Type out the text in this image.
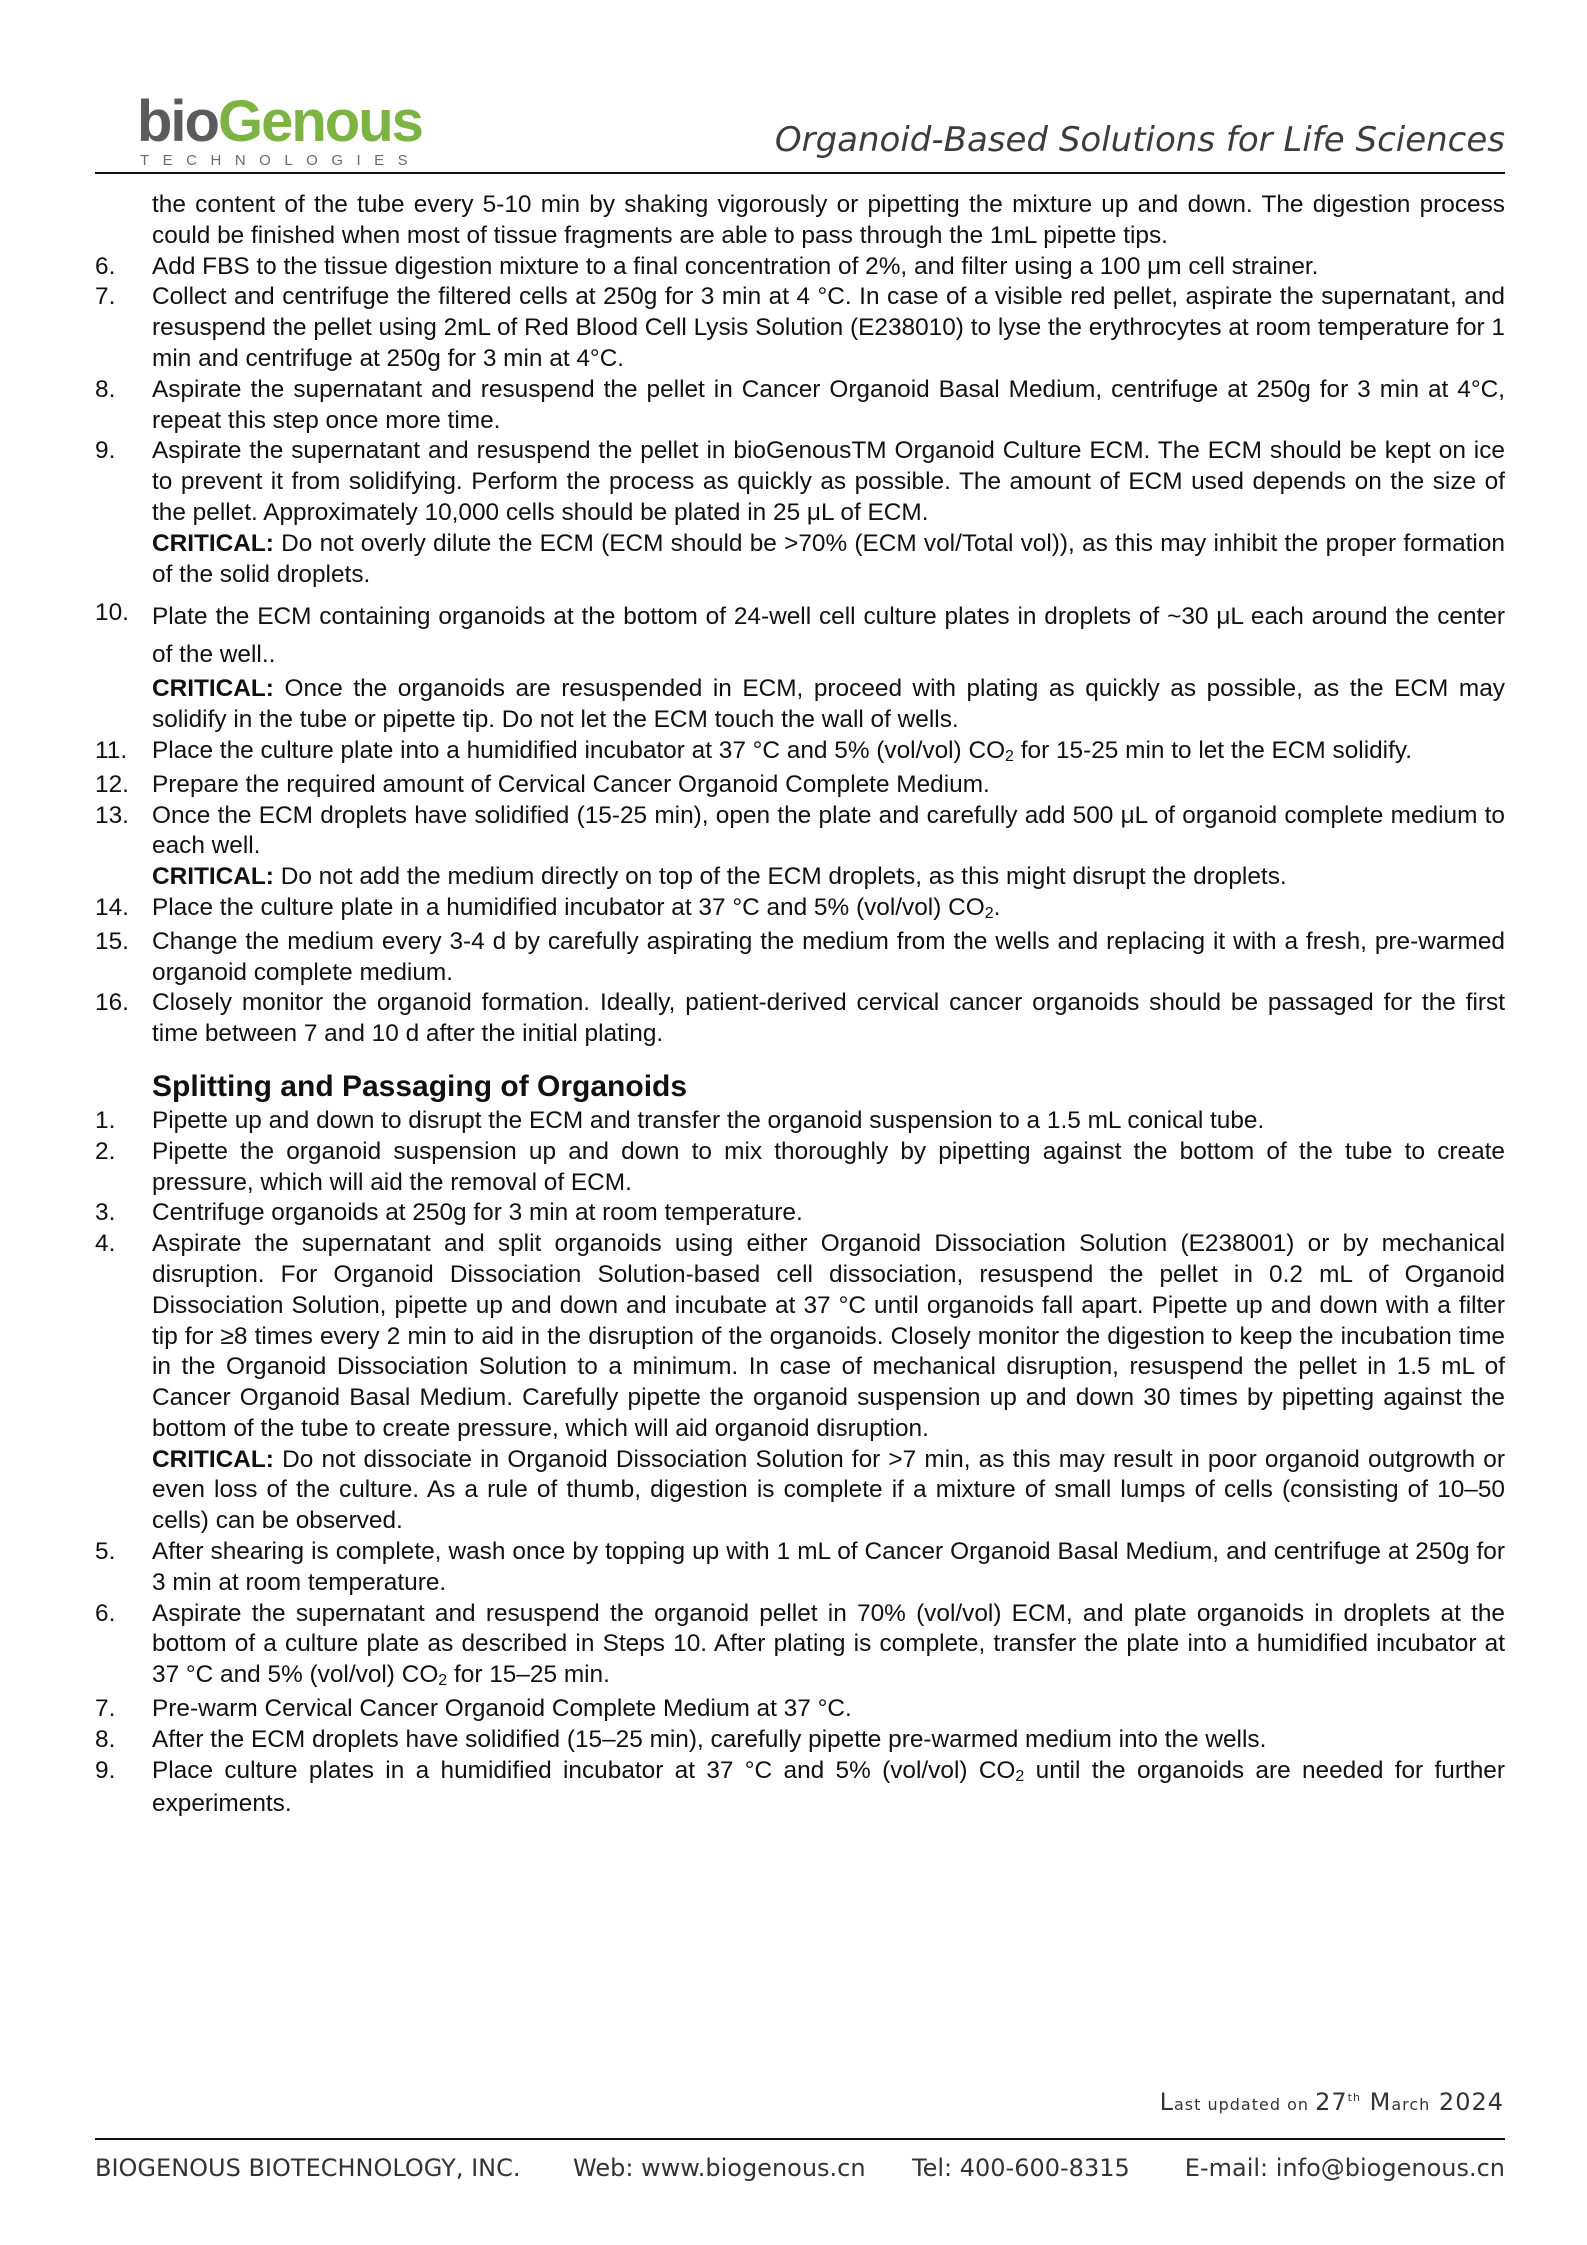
bioGenous
TECHNOLOGIES
Organoid-Based Solutions for Life Sciences

the content of the tube every 5-10 min by shaking vigorously or pipetting the mixture up and down. The digestion process could be finished when most of tissue fragments are able to pass through the 1mL pipette tips.

6.	Add FBS to the tissue digestion mixture to a final concentration of 2%, and filter using a 100 μm cell strainer.

7.	Collect and centrifuge the filtered cells at 250g for 3 min at 4 °C. In case of a visible red pellet, aspirate the supernatant, and resuspend the pellet using 2mL of Red Blood Cell Lysis Solution (E238010) to lyse the erythrocytes at room temperature for 1 min and centrifuge at 250g for 3 min at 4°C.

8.	Aspirate the supernatant and resuspend the pellet in Cancer Organoid Basal Medium, centrifuge at 250g for 3 min at 4°C, repeat this step once more time.

9.	Aspirate the supernatant and resuspend the pellet in bioGenousTM Organoid Culture ECM. The ECM should be kept on ice to prevent it from solidifying. Perform the process as quickly as possible. The amount of ECM used depends on the size of the pellet. Approximately 10,000 cells should be plated in 25 μL of ECM.

CRITICAL: Do not overly dilute the ECM (ECM should be >70% (ECM vol/Total vol)), as this may inhibit the proper formation of the solid droplets.

10. Plate the ECM containing organoids at the bottom of 24-well cell culture plates in droplets of ~30 μL each around the center of the well..

CRITICAL: Once the organoids are resuspended in ECM, proceed with plating as quickly as possible, as the ECM may solidify in the tube or pipette tip. Do not let the ECM touch the wall of wells.

11.	Place the culture plate into a humidified incubator at 37 °C and 5% (vol/vol) $CO_2$ for 15-25 min to let the ECM solidify.

12. Prepare the required amount of Cervical Cancer Organoid Complete Medium.

13. Once the ECM droplets have solidified (15-25 min), open the plate and carefully add 500 μL of organoid complete medium to each well.

CRITICAL: Do not add the medium directly on top of the ECM droplets, as this might disrupt the droplets.

14. Place the culture plate in a humidified incubator at 37 °C and 5% (vol/vol) $CO_2$.

15. Change the medium every 3-4 d by carefully aspirating the medium from the wells and replacing it with a fresh, pre-warmed organoid complete medium.

16. Closely monitor the organoid formation. Ideally, patient-derived cervical cancer organoids should be passaged for the first time between 7 and 10 d after the initial plating.

Splitting and Passaging of Organoids
1.	Pipette up and down to disrupt the ECM and transfer the organoid suspension to a 1.5 mL conical tube.

2.	Pipette the organoid suspension up and down to mix thoroughly by pipetting against the bottom of the tube to create pressure, which will aid the removal of ECM.

3.	Centrifuge organoids at 250g for 3 min at room temperature.

4.	Aspirate the supernatant and split organoids using either Organoid Dissociation Solution (E238001) or by mechanical disruption. For Organoid Dissociation Solution-based cell dissociation, resuspend the pellet in 0.2 mL of Organoid Dissociation Solution, pipette up and down and incubate at 37 °C until organoids fall apart. Pipette up and down with a filter tip for ≥8 times every 2 min to aid in the disruption of the organoids. Closely monitor the digestion to keep the incubation time in the Organoid Dissociation Solution to a minimum. In case of mechanical disruption, resuspend the pellet in 1.5 mL of Cancer Organoid Basal Medium. Carefully pipette the organoid suspension up and down 30 times by pipetting against the bottom of the tube to create pressure, which will aid organoid disruption.

CRITICAL: Do not dissociate in Organoid Dissociation Solution for >7 min, as this may result in poor organoid outgrowth or even loss of the culture. As a rule of thumb, digestion is complete if a mixture of small lumps of cells (consisting of 10–50 cells) can be observed.

5.	After shearing is complete, wash once by topping up with 1 mL of Cancer Organoid Basal Medium, and centrifuge at 250g for 3 min at room temperature.

6.	Aspirate the supernatant and resuspend the organoid pellet in 70% (vol/vol) ECM, and plate organoids in droplets at the bottom of a culture plate as described in Steps 10. After plating is complete, transfer the plate into a humidified incubator at 37 °C and 5% (vol/vol) $CO_2$ for 15–25 min.

7.	Pre-warm Cervical Cancer Organoid Complete Medium at 37 °C.

8.	After the ECM droplets have solidified (15–25 min), carefully pipette pre-warmed medium into the wells.

9.	Place culture plates in a humidified incubator at 37 °C and 5% (vol/vol) $CO_2$ until the organoids are needed for further experiments.

Last updated on 27th March 2024
BIOGENOUS BIOTECHNOLOGY, INC. Web: www.biogenous.cn Tel: 400-600-8315 E-mail: info@biogenous.cn
